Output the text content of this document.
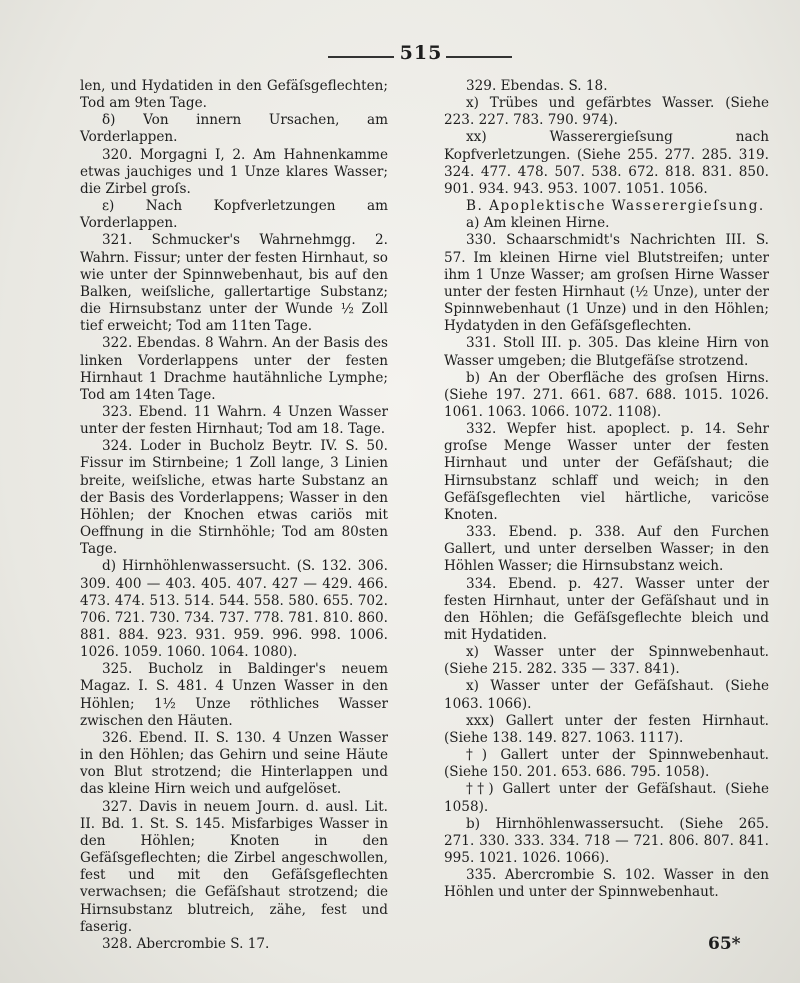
515

len, und Hydatiden in den Gefäſsgeflechten; Tod am 9ten Tage.

δ) Von innern Ursachen, am Vorderlappen.

320. Morgagni I, 2. Am Hahnenkamme etwas jauchiges und 1 Unze klares Wasser; die Zirbel groſs.

ε) Nach Kopfverletzungen am Vorderlappen.

321. Schmucker's Wahrnehmgg. 2. Wahrn. Fissur; unter der festen Hirnhaut, so wie unter der Spinnwebenhaut, bis auf den Balken, weiſsliche, gallertartige Substanz; die Hirnsubstanz unter der Wunde ½ Zoll tief erweicht; Tod am 11ten Tage.

322. Ebendas. 8 Wahrn. An der Basis des linken Vorderlappens unter der festen Hirnhaut 1 Drachme hautähnliche Lymphe; Tod am 14ten Tage.

323. Ebend. 11 Wahrn. 4 Unzen Wasser unter der festen Hirnhaut; Tod am 18. Tage.

324. Loder in Bucholz Beytr. IV. S. 50. Fissur im Stirnbeine; 1 Zoll lange, 3 Linien breite, weiſsliche, etwas harte Substanz an der Basis des Vorderlappens; Wasser in den Höhlen; der Knochen etwas cariös mit Oeffnung in die Stirnhöhle; Tod am 80sten Tage.

d) Hirnhöhlenwassersucht. (S. 132. 306. 309. 400 — 403. 405. 407. 427 — 429. 466. 473. 474. 513. 514. 544. 558. 580. 655. 702. 706. 721. 730. 734. 737. 778. 781. 810. 860. 881. 884. 923. 931. 959. 996. 998. 1006. 1026. 1059. 1060. 1064. 1080).

325. Bucholz in Baldinger's neuem Magaz. I. S. 481. 4 Unzen Wasser in den Höhlen; 1½ Unze röthliches Wasser zwischen den Häuten.

326. Ebend. II. S. 130. 4 Unzen Wasser in den Höhlen; das Gehirn und seine Häute von Blut strotzend; die Hinterlappen und das kleine Hirn weich und aufgelöset.

327. Davis in neuem Journ. d. ausl. Lit. II. Bd. 1. St. S. 145. Misfarbiges Wasser in den Höhlen; Knoten in den Gefäſsgeflechten; die Zirbel angeschwollen, fest und mit den Gefäſsgeflechten verwachsen; die Gefäſshaut strotzend; die Hirnsubstanz blutreich, zähe, fest und faserig.

328. Abercrombie S. 17.

329. Ebendas. S. 18.

x) Trübes und gefärbtes Wasser. (Siehe 223. 227. 783. 790. 974).

xx) Wasserergieſsung nach Kopfverletzungen. (Siehe 255. 277. 285. 319. 324. 477. 478. 507. 538. 672. 818. 831. 850. 901. 934. 943. 953. 1007. 1051. 1056.

B. Apoplektische Wasserergieſsung.

a) Am kleinen Hirne.

330. Schaarschmidt's Nachrichten III. S. 57. Im kleinen Hirne viel Blutstreifen; unter ihm 1 Unze Wasser; am groſsen Hirne Wasser unter der festen Hirnhaut (½ Unze), unter der Spinnwebenhaut (1 Unze) und in den Höhlen; Hydatyden in den Gefäſsgeflechten.

331. Stoll III. p. 305. Das kleine Hirn von Wasser umgeben; die Blutgefäſse strotzend.

b) An der Oberfläche des groſsen Hirns. (Siehe 197. 271. 661. 687. 688. 1015. 1026. 1061. 1063. 1066. 1072. 1108).

332. Wepfer hist. apoplect. p. 14. Sehr groſse Menge Wasser unter der festen Hirnhaut und unter der Gefäſshaut; die Hirnsubstanz schlaff und weich; in den Gefäſsgeflechten viel härtliche, varicöse Knoten.

333. Ebend. p. 338. Auf den Furchen Gallert, und unter derselben Wasser; in den Höhlen Wasser; die Hirnsubstanz weich.

334. Ebend. p. 427. Wasser unter der festen Hirnhaut, unter der Gefäſshaut und in den Höhlen; die Gefäſsgeflechte bleich und mit Hydatiden.

x) Wasser unter der Spinnwebenhaut. (Siehe 215. 282. 335 — 337. 841).

x) Wasser unter der Gefäſshaut. (Siehe 1063. 1066).

xxx) Gallert unter der festen Hirnhaut. (Siehe 138. 149. 827. 1063. 1117).

†) Gallert unter der Spinnwebenhaut. (Siehe 150. 201. 653. 686. 795. 1058).

††) Gallert unter der Gefäſshaut. (Siehe 1058).

b) Hirnhöhlenwassersucht. (Siehe 265. 271. 330. 333. 334. 718 — 721. 806. 807. 841. 995. 1021. 1026. 1066).

335. Abercrombie S. 102. Wasser in den Höhlen und unter der Spinnwebenhaut.

65*
